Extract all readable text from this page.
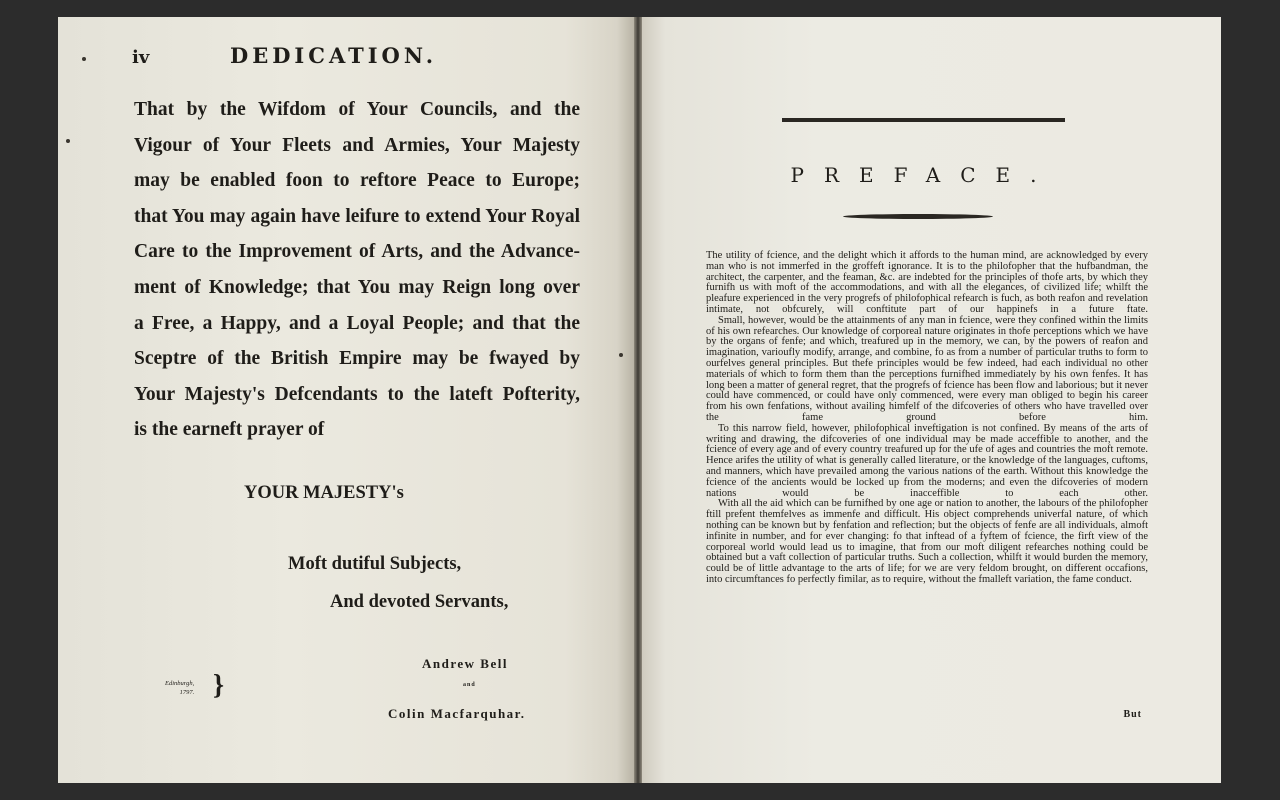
iv	DEDICATION.
That by the Wifdom of Your Councils, and the
Vigour of Your Fleets and Armies, Your Majesty
may be enabled foon to reftore Peace to Europe;
that You may again have leifure to extend Your Royal
Care to the Improvement of Arts, and the Advance-
ment of Knowledge; that You may Reign long over
a Free, a Happy, and a Loyal People; and that the
Sceptre of the British Empire may be fwayed by
Your Majesty's Defcendants to the lateft Pofterity,
is the earneft prayer of
YOUR MAJESTY's
Moft dutiful Subjects,
And devoted Servants,
Andrew Bell
and
Colin Macfarquhar.
Edinburgh,
1797. }
PREFACE.

The utility of fcience, and the delight which it affords to the human mind, are acknowledged by every man who is not immerfed in the groffeft ignorance. It is to the philofopher that the hufbandman, the architect, the carpenter, and the feaman, &c. are indebted for the principles of thofe arts, by which they furnifh us with moft of the accommodations, and with all the elegances, of civilized life; whilft the pleafure experienced in the very progrefs of philofophical refearch is fuch, as both reafon and revelation intimate, not obfcurely, will conftitute part of our happinefs in a future ftate.

Small, however, would be the attainments of any man in fcience, were they confined within the limits of his own refearches. Our knowledge of corporeal nature originates in thofe perceptions which we have by the organs of fenfe; and which, treafured up in the memory, we can, by the powers of reafon and imagination, varioufly modify, arrange, and combine, fo as from a number of particular truths to form to ourfelves general principles. But thefe principles would be few indeed, had each individual no other materials of which to form them than the perceptions furnifhed immediately by his own fenfes. It has long been a matter of general regret, that the progrefs of fcience has been flow and laborious; but it never could have commenced, or could have only commenced, were every man obliged to begin his career from his own fenfations, without availing himfelf of the difcoveries of others who have travelled over the fame ground before him.

To this narrow field, however, philofophical inveftigation is not confined. By means of the arts of writing and drawing, the difcoveries of one individual may be made acceffible to another, and the fcience of every age and of every country treafured up for the ufe of ages and countries the moft remote. Hence arifes the utility of what is generally called literature, or the knowledge of the languages, cuftoms, and manners, which have prevailed among the various nations of the earth. Without this knowledge the fcience of the ancients would be locked up from the moderns; and even the difcoveries of modern nations would be inacceffible to each other.

With all the aid which can be furnifhed by one age or nation to another, the labours of the philofopher ftill prefent themfelves as immenfe and difficult. His object comprehends univerfal nature, of which nothing can be known but by fenfation and reflection; but the objects of fenfe are all individuals, almoft infinite in number, and for ever changing: fo that inftead of a fyftem of fcience, the firft view of the corporeal world would lead us to imagine, that from our moft diligent refearches nothing could be obtained but a vaft collection of particular truths. Such a collection, whilft it would burden the memory, could be of little advantage to the arts of life; for we are very feldom brought, on different occafions, into circumftances fo perfectly fimilar, as to require, without the fmalleft variation, the fame conduct.

But
